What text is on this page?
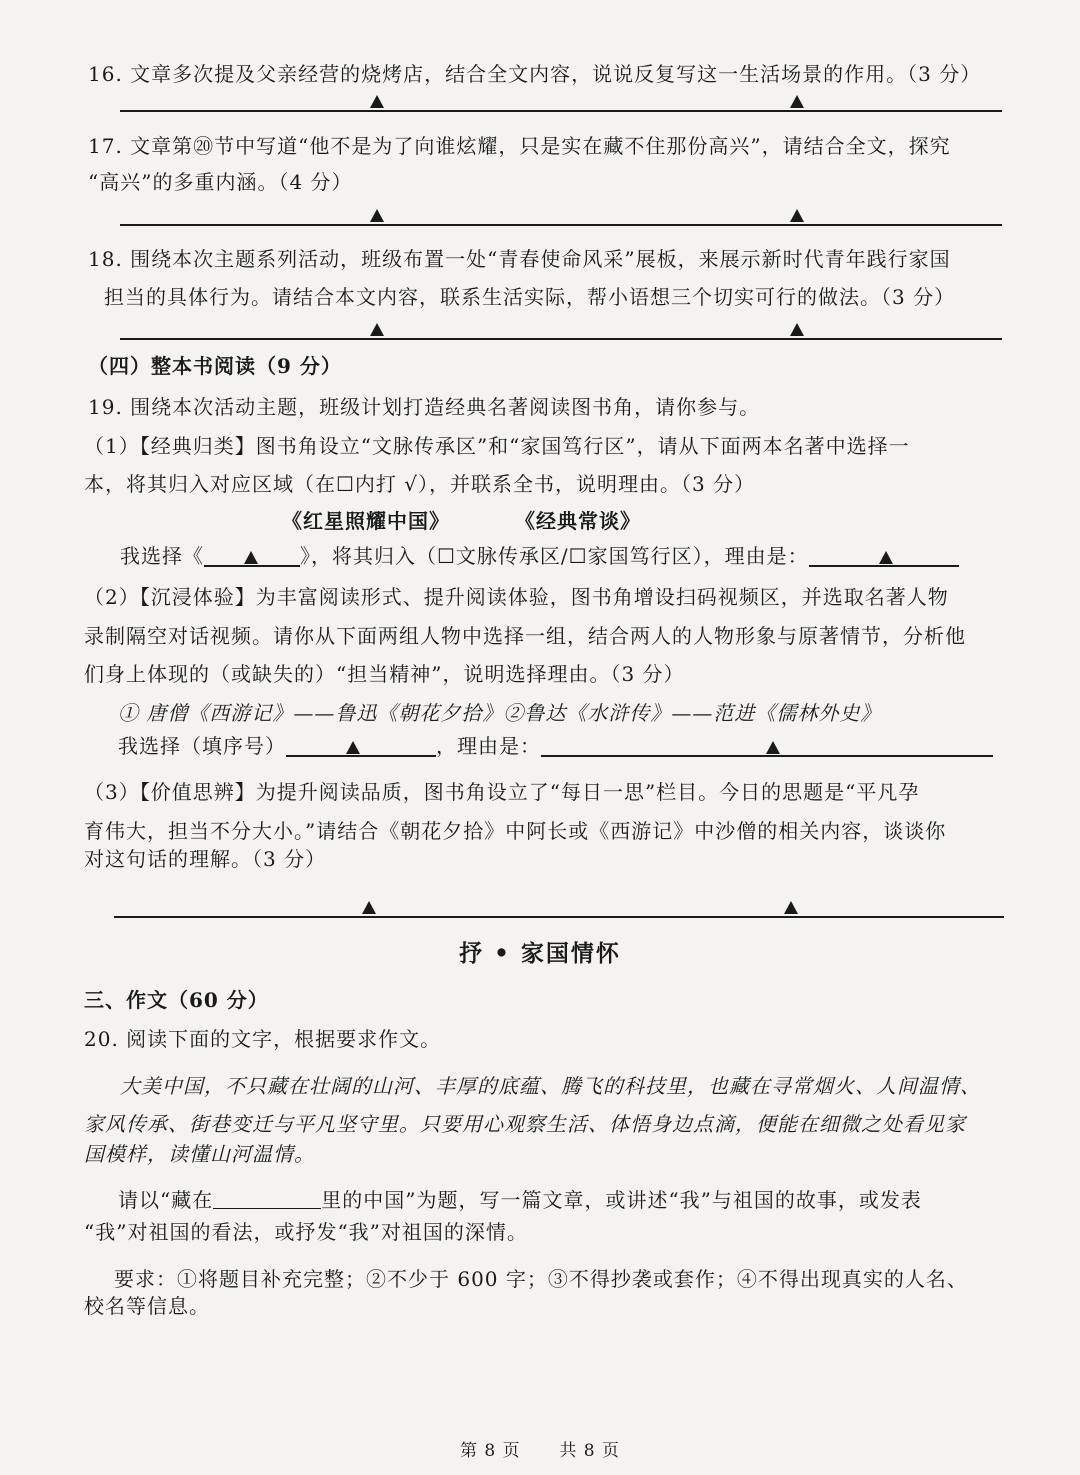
16. 文章多次提及父亲经营的烧烤店，结合全文内容，说说反复写这一生活场景的作用。（3 分）
17. 文章第⑳节中写道“他不是为了向谁炫耀，只是实在藏不住那份高兴”，请结合全文，探究
“高兴”的多重内涵。（4 分）
18. 围绕本次主题系列活动，班级布置一处“青春使命风采”展板，来展示新时代青年践行家国
担当的具体行为。请结合本文内容，联系生活实际，帮小语想三个切实可行的做法。（3 分）
（四）整本书阅读（9 分）
19. 围绕本次活动主题，班级计划打造经典名著阅读图书角，请你参与。
（1）【经典归类】图书角设立“文脉传承区”和“家国笃行区”，请从下面两本名著中选择一
本，将其归入对应区域（在☐内打 √），并联系全书，说明理由。（3 分）
《红星照耀中国》	《经典常谈》
我选择《	》，将其归入（☐文脉传承区/☐家国笃行区），理由是：
（2）【沉浸体验】为丰富阅读形式、提升阅读体验，图书角增设扫码视频区，并选取名著人物
录制隔空对话视频。请你从下面两组人物中选择一组，结合两人的人物形象与原著情节，分析他
们身上体现的（或缺失的）“担当精神”，说明选择理由。（3 分）
① 唐僧《西游记》——鲁迅《朝花夕拾》②鲁达《水浒传》——范进《儒林外史》
我选择（填序号）	，理由是：
（3）【价值思辨】为提升阅读品质，图书角设立了“每日一思”栏目。今日的思题是“平凡孕
育伟大，担当不分大小。”请结合《朝花夕拾》中阿长或《西游记》中沙僧的相关内容，谈谈你
对这句话的理解。（3 分）
抒 • 家国情怀
三、作文（60 分）
20. 阅读下面的文字，根据要求作文。
大美中国，不只藏在壮阔的山河、丰厚的底蕴、腾飞的科技里，也藏在寻常烟火、人间温情、
家风传承、街巷变迁与平凡坚守里。只要用心观察生活、体悟身边点滴，便能在细微之处看见家
国模样，读懂山河温情。
请以“藏在	里的中国”为题，写一篇文章，或讲述“我”与祖国的故事，或发表
“我”对祖国的看法，或抒发“我”对祖国的深情。
要求：①将题目补充完整；②不少于 600 字；③不得抄袭或套作；④不得出现真实的人名、
校名等信息。
第 8 页 共 8 页
